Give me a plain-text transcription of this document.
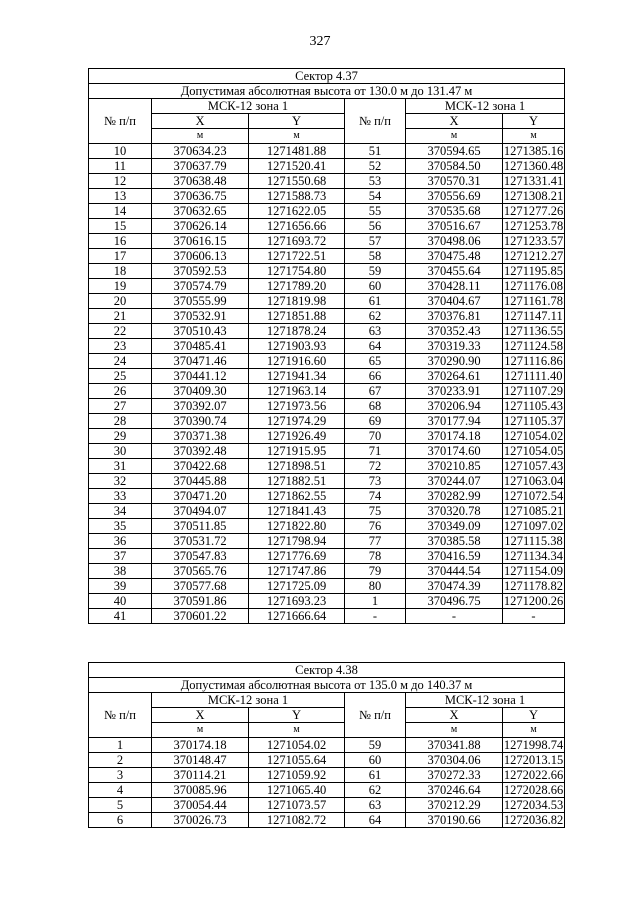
327
Сектор 4.37					
Допустимая абсолютная высота от 130.0 м до 131.47 м					
№ п/п	МСК-12 зона 1		№ п/п	МСК-12 зона 1	
	X	Y		X	Y
	м	м		м	м
10	370634.23	1271481.88	51	370594.65	1271385.16
11	370637.79	1271520.41	52	370584.50	1271360.48
12	370638.48	1271550.68	53	370570.31	1271331.41
13	370636.75	1271588.73	54	370556.69	1271308.21
14	370632.65	1271622.05	55	370535.68	1271277.26
15	370626.14	1271656.66	56	370516.67	1271253.78
16	370616.15	1271693.72	57	370498.06	1271233.57
17	370606.13	1271722.51	58	370475.48	1271212.27
18	370592.53	1271754.80	59	370455.64	1271195.85
19	370574.79	1271789.20	60	370428.11	1271176.08
20	370555.99	1271819.98	61	370404.67	1271161.78
21	370532.91	1271851.88	62	370376.81	1271147.11
22	370510.43	1271878.24	63	370352.43	1271136.55
23	370485.41	1271903.93	64	370319.33	1271124.58
24	370471.46	1271916.60	65	370290.90	1271116.86
25	370441.12	1271941.34	66	370264.61	1271111.40
26	370409.30	1271963.14	67	370233.91	1271107.29
27	370392.07	1271973.56	68	370206.94	1271105.43
28	370390.74	1271974.29	69	370177.94	1271105.37
29	370371.38	1271926.49	70	370174.18	1271054.02
30	370392.48	1271915.95	71	370174.60	1271054.05
31	370422.68	1271898.51	72	370210.85	1271057.43
32	370445.88	1271882.51	73	370244.07	1271063.04
33	370471.20	1271862.55	74	370282.99	1271072.54
34	370494.07	1271841.43	75	370320.78	1271085.21
35	370511.85	1271822.80	76	370349.09	1271097.02
36	370531.72	1271798.94	77	370385.58	1271115.38
37	370547.83	1271776.69	78	370416.59	1271134.34
38	370565.76	1271747.86	79	370444.54	1271154.09
39	370577.68	1271725.09	80	370474.39	1271178.82
40	370591.86	1271693.23	1	370496.75	1271200.26
41	370601.22	1271666.64	-	-	-
Сектор 4.38					
Допустимая абсолютная высота от 135.0 м до 140.37 м					
№ п/п	МСК-12 зона 1		№ п/п	МСК-12 зона 1	
	X	Y		X	Y
	м	м		м	м
1	370174.18	1271054.02	59	370341.88	1271998.74
2	370148.47	1271055.64	60	370304.06	1272013.15
3	370114.21	1271059.92	61	370272.33	1272022.66
4	370085.96	1271065.40	62	370246.64	1272028.66
5	370054.44	1271073.57	63	370212.29	1272034.53
6	370026.73	1271082.72	64	370190.66	1272036.82
